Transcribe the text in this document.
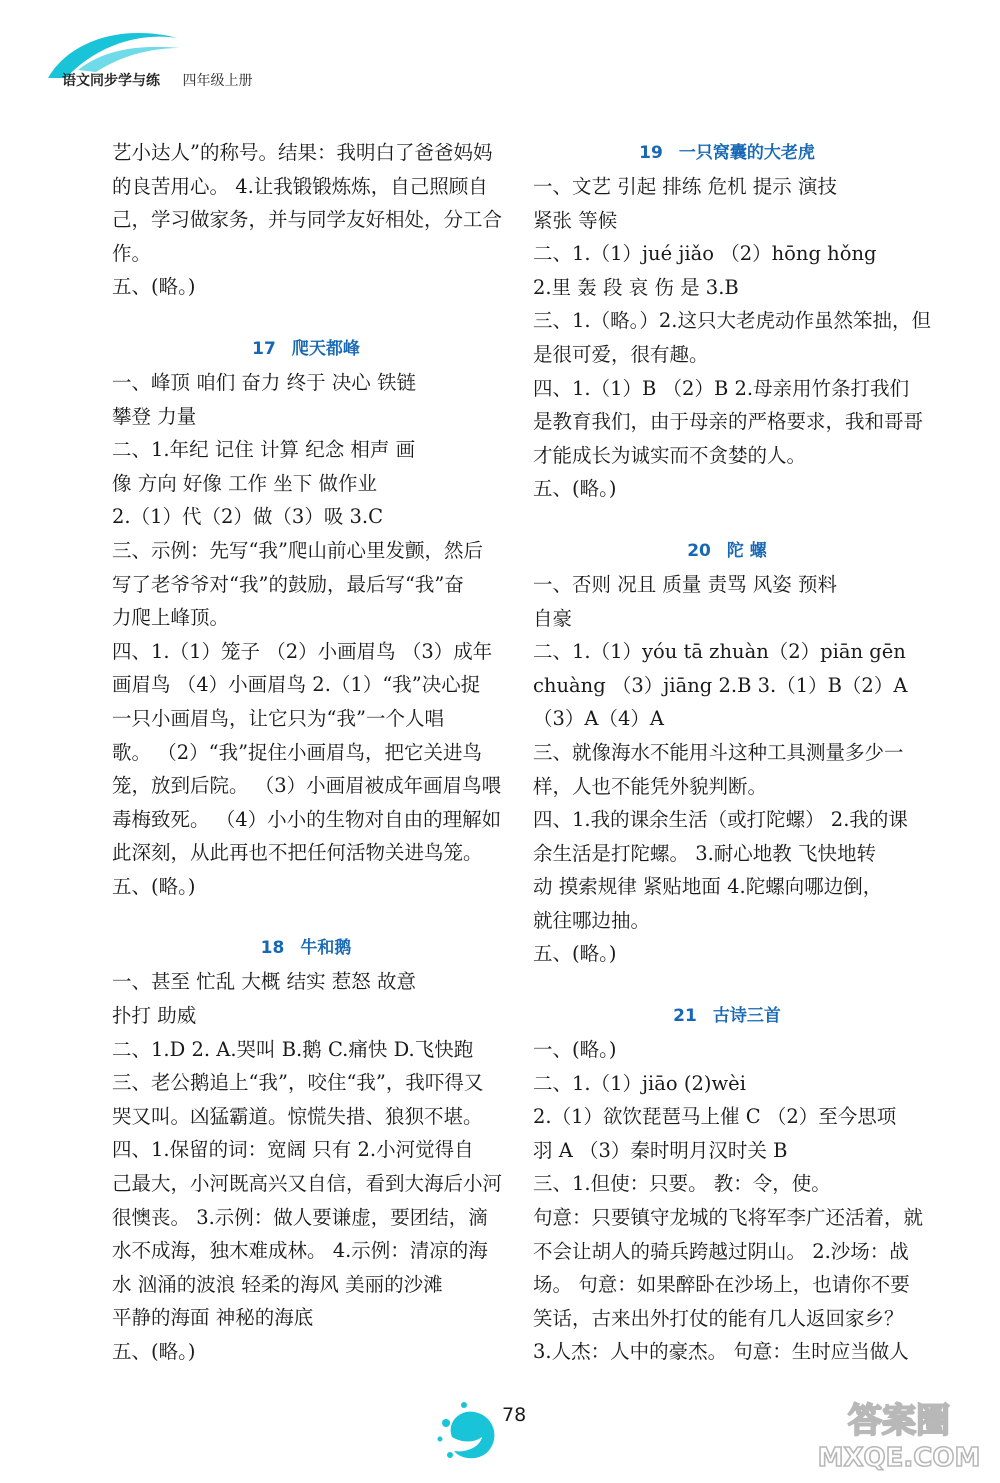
语文同步学与练 四年级上册

艺小达人”的称号。结果：我明白了爸爸妈妈

的良苦用心。 4.让我锻锻炼炼，自己照顾自

己，学习做家务，并与同学友好相处，分工合

作。

五、(略。)

17 爬天都峰

一、峰顶 咱们 奋力 终于 决心 铁链

攀登 力量

二、1.年纪 记住 计算 纪念 相声 画

像 方向 好像 工作 坐下 做作业

2.（1）代（2）做（3）吸 3.C

三、示例：先写“我”爬山前心里发颤，然后

写了老爷爷对“我”的鼓励，最后写“我”奋

力爬上峰顶。

四、1.（1）笼子 （2）小画眉鸟 （3）成年

画眉鸟 （4）小画眉鸟 2.（1）“我”决心捉

一只小画眉鸟，让它只为“我”一个人唱

歌。 （2）“我”捉住小画眉鸟，把它关进鸟

笼，放到后院。 （3）小画眉被成年画眉鸟喂

毒梅致死。 （4）小小的生物对自由的理解如

此深刻，从此再也不把任何活物关进鸟笼。

五、(略。)

18 牛和鹅

一、甚至 忙乱 大概 结实 惹怒 故意

扑打 助威

二、1.D 2. A.哭叫 B.鹅 C.痛快 D.飞快跑

三、老公鹅追上“我”，咬住“我”，我吓得又

哭又叫。凶猛霸道。惊慌失措、狼狈不堪。

四、1.保留的词：宽阔 只有 2.小河觉得自

己最大，小河既高兴又自信，看到大海后小河

很懊丧。 3.示例：做人要谦虚，要团结，滴

水不成海，独木难成林。 4.示例：清凉的海

水 汹涌的波浪 轻柔的海风 美丽的沙滩

平静的海面 神秘的海底

五、(略。)

19 一只窝囊的大老虎

一、文艺 引起 排练 危机 提示 演技

紧张 等候

二、1.（1）jué jiǎo （2）hōng hǒng

2.里 轰 段 哀 伤 是 3.B

三、1.（略。）2.这只大老虎动作虽然笨拙，但

是很可爱，很有趣。

四、1.（1）B （2）B 2.母亲用竹条打我们

是教育我们，由于母亲的严格要求，我和哥哥

才能成长为诚实而不贪婪的人。

五、(略。)

20 陀 螺

一、否则 况且 质量 责骂 风姿 预料

自豪

二、1.（1）yóu tā zhuàn（2）piān gēn

chuàng （3）jiāng 2.B 3.（1）B（2）A

（3）A（4）A

三、就像海水不能用斗这种工具测量多少一

样，人也不能凭外貌判断。

四、1.我的课余生活（或打陀螺） 2.我的课

余生活是打陀螺。 3.耐心地教 飞快地转

动 摸索规律 紧贴地面 4.陀螺向哪边倒，

就往哪边抽。

五、(略。)

21 古诗三首

一、(略。)

二、1.（1）jiāo (2)wèi

2.（1）欲饮琵琶马上催 C （2）至今思项

羽 A （3）秦时明月汉时关 B

三、1.但使：只要。 教：令，使。

句意：只要镇守龙城的飞将军李广还活着，就

不会让胡人的骑兵跨越过阴山。 2.沙场：战

场。 句意：如果醉卧在沙场上，也请你不要

笑话，古来出外打仗的能有几人返回家乡？

3.人杰：人中的豪杰。 句意：生时应当做人

78	答案圈
MXQE.COM
